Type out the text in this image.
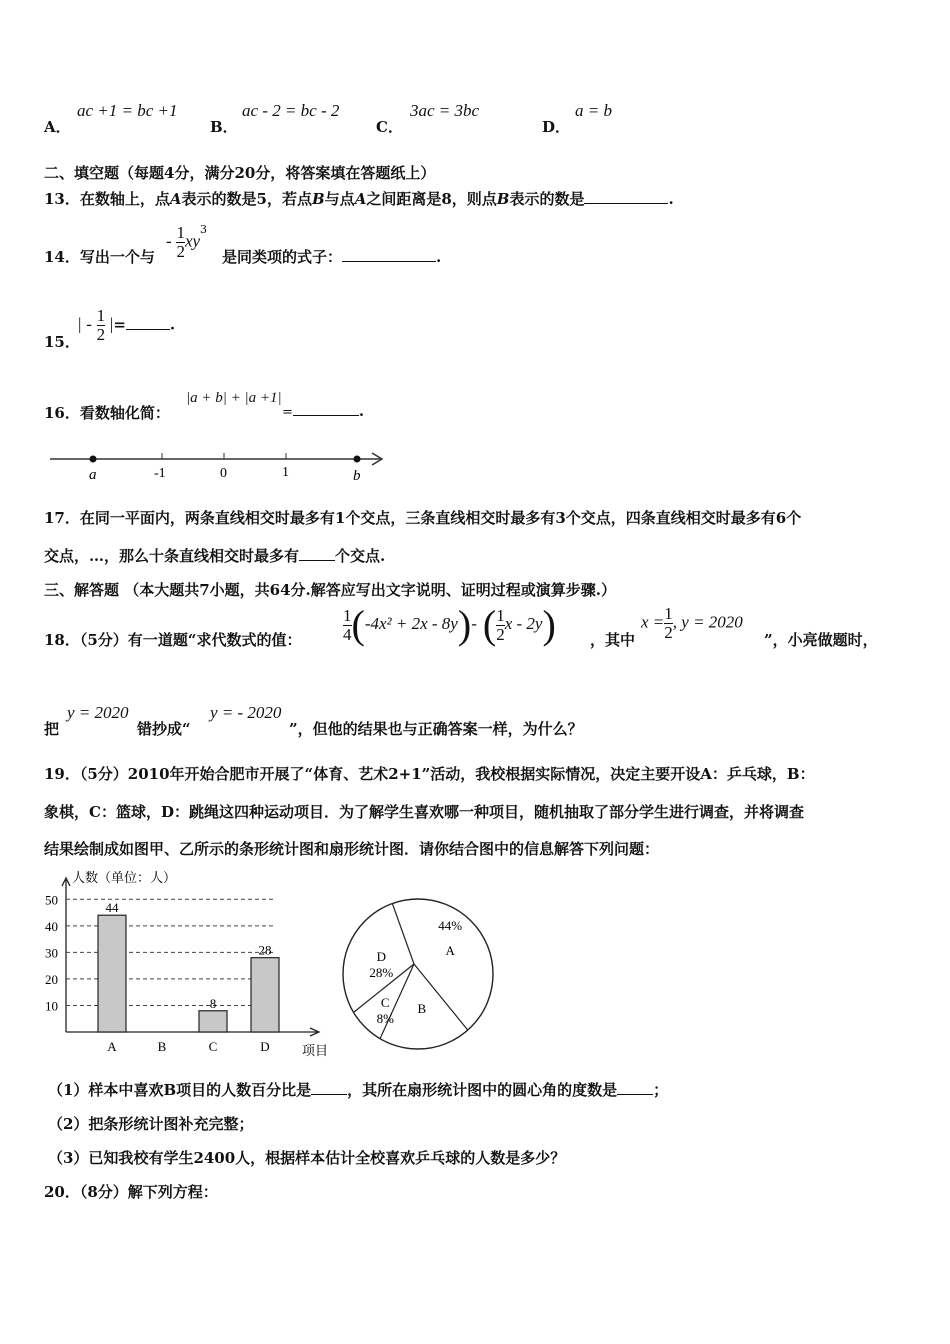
A．
ac +1 = bc +1
B．
ac - 2 = bc - 2
C．
3ac = 3bc
D．
a = b
二、填空题（每题4分，满分20分，将答案填在答题纸上）
13．在数轴上，点A表示的数是5，若点B与点A之间距离是8，则点B表示的数是	.
14．写出一个与
- $\frac{1}{2} xy^3$
是同类项的式子：	.
15．
| - $\frac{1}{2}$ |=	.
16．看数轴化简：
|a + b| + |a +1|
=	.
a	-1	0	1	b
17．在同一平面内，两条直线相交时最多有1个交点，三条直线相交时最多有3个交点，四条直线相交时最多有6个
交点，…，那么十条直线相交时最多有 个交点.
三、解答题 （本大题共7小题，共64分.解答应写出文字说明、证明过程或演算步骤.）
18．（5分）有一道题“求代数式的值： $\frac{1}{4} (-4x^2 + 2x - 8y)-$ ( $\frac{1}{2}$ x - 2y) ，其中
$x = \frac{1}{2}$ , y = 2020
”，小亮做题时，
把
y = 2020
错抄成“
y = - 2020
”，但他的结果也与正确答案一样，为什么？
19．（5分）2010年开始合肥市开展了“体育、艺术2+1”活动，我校根据实际情况，决定主要开设A：乒乓球，B：
象棋，C：篮球，D：跳绳这四种运动项目．为了解学生喜欢哪一种项目，随机抽取了部分学生进行调查，并将调查
结果绘制成如图甲、乙所示的条形统计图和扇形统计图．请你结合图中的信息解答下列问题：
人数（单位：人）
10
20
30
40
50
44
A	B
8
C
28
D 项目
A
44%
B
C
8%
D
28%
（1）样本中喜欢B项目的人数百分比是 ，其所在扇形统计图中的圆心角的度数是 ；
（2）把条形统计图补充完整；
（3）已知我校有学生2400人，根据样本估计全校喜欢乒乓球的人数是多少？
20．（8分）解下列方程：
